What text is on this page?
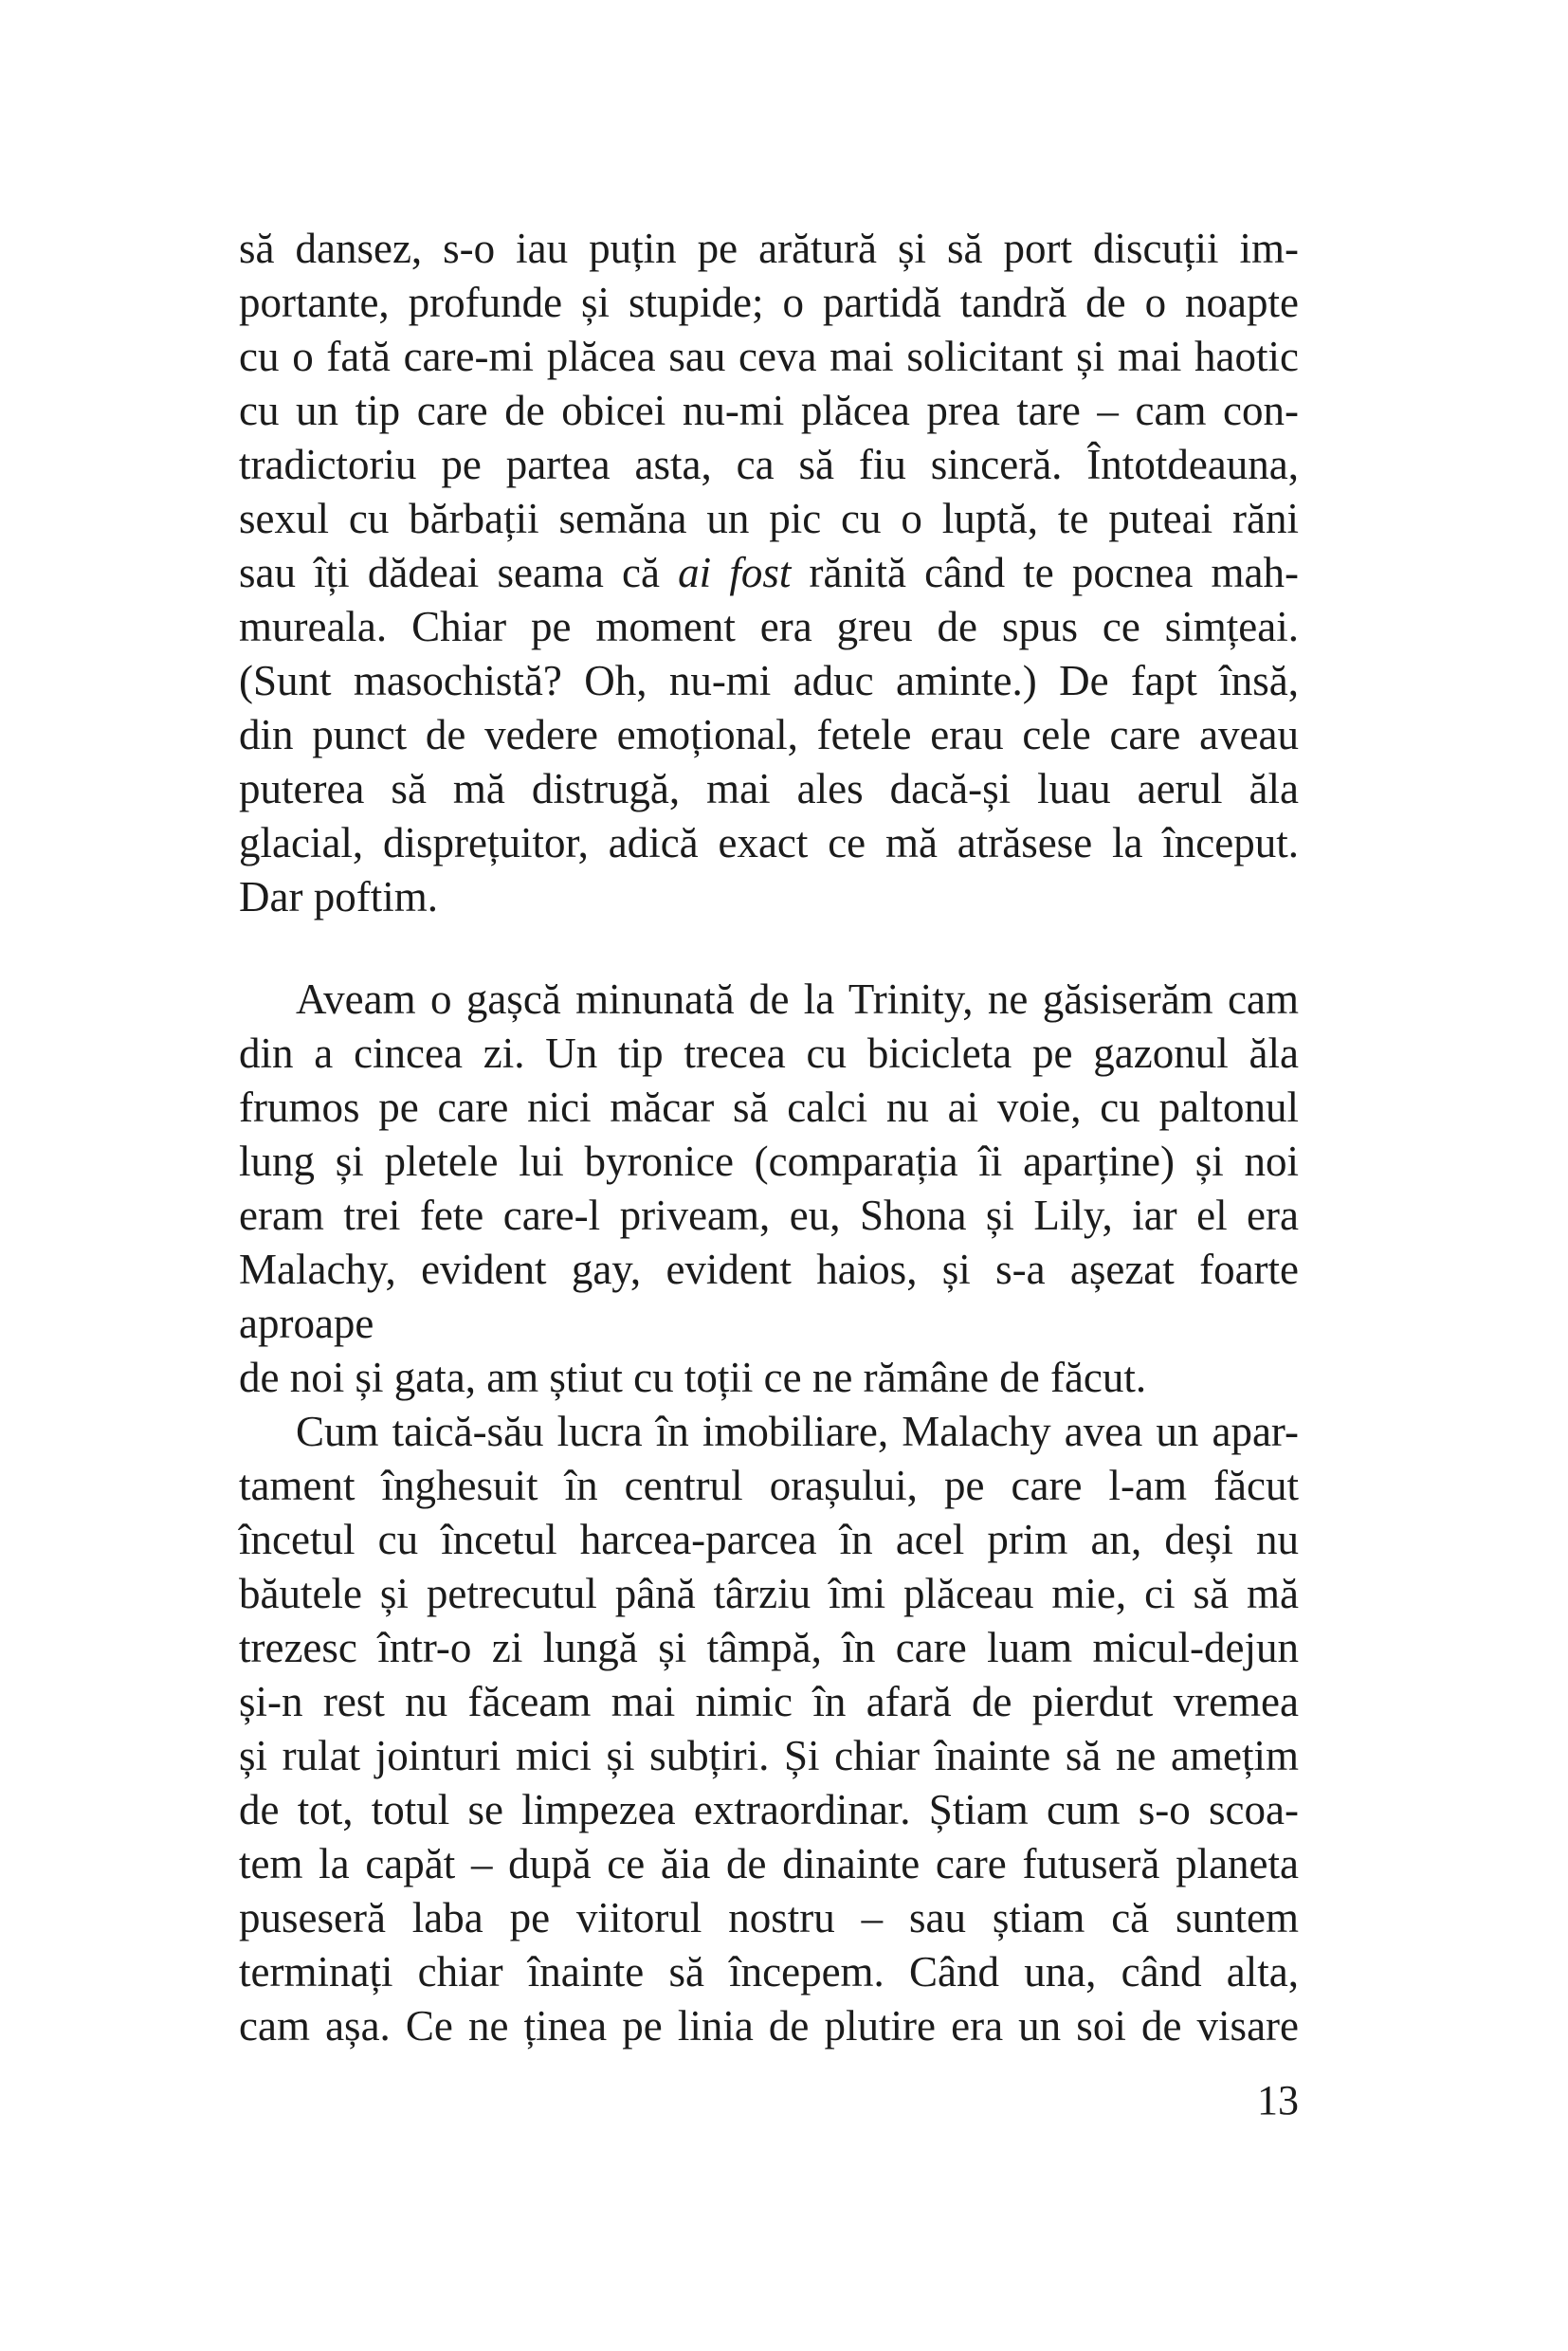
să dansez, s-o iau puțin pe arătură și să port discuții im-
portante, profunde și stupide; o partidă tandră de o noapte
cu o fată care-mi plăcea sau ceva mai solicitant și mai haotic
cu un tip care de obicei nu-mi plăcea prea tare – cam con-
tradictoriu pe partea asta, ca să fiu sinceră. Întotdeauna,
sexul cu bărbații semăna un pic cu o luptă, te puteai răni
sau îți dădeai seama că ai fost rănită când te pocnea mah-
mureala. Chiar pe moment era greu de spus ce simțeai.
(Sunt masochistă? Oh, nu-mi aduc aminte.) De fapt însă,
din punct de vedere emoțional, fetele erau cele care aveau
puterea să mă distrugă, mai ales dacă-și luau aerul ăla
glacial, disprețuitor, adică exact ce mă atrăsese la început.
Dar poftim.
Aveam o gașcă minunată de la Trinity, ne găsiserăm cam
din a cincea zi. Un tip trecea cu bicicleta pe gazonul ăla
frumos pe care nici măcar să calci nu ai voie, cu paltonul
lung și pletele lui byronice (comparația îi aparține) și noi
eram trei fete care-l priveam, eu, Shona și Lily, iar el era
Malachy, evident gay, evident haios, și s-a așezat foarte aproape
de noi și gata, am știut cu toții ce ne rămâne de făcut.
Cum taică-său lucra în imobiliare, Malachy avea un apar-
tament înghesuit în centrul orașului, pe care l-am făcut
încetul cu încetul harcea-parcea în acel prim an, deși nu
băutele și petrecutul până târziu îmi plăceau mie, ci să mă
trezesc într-o zi lungă și tâmpă, în care luam micul-dejun
și-n rest nu făceam mai nimic în afară de pierdut vremea
și rulat jointuri mici și subțiri. Și chiar înainte să ne amețim
de tot, totul se limpezea extraordinar. Știam cum s-o scoa-
tem la capăt – după ce ăia de dinainte care futuseră planeta
puseseră laba pe viitorul nostru – sau știam că suntem
terminați chiar înainte să începem. Când una, când alta,
cam așa. Ce ne ținea pe linia de plutire era un soi de visare
13
